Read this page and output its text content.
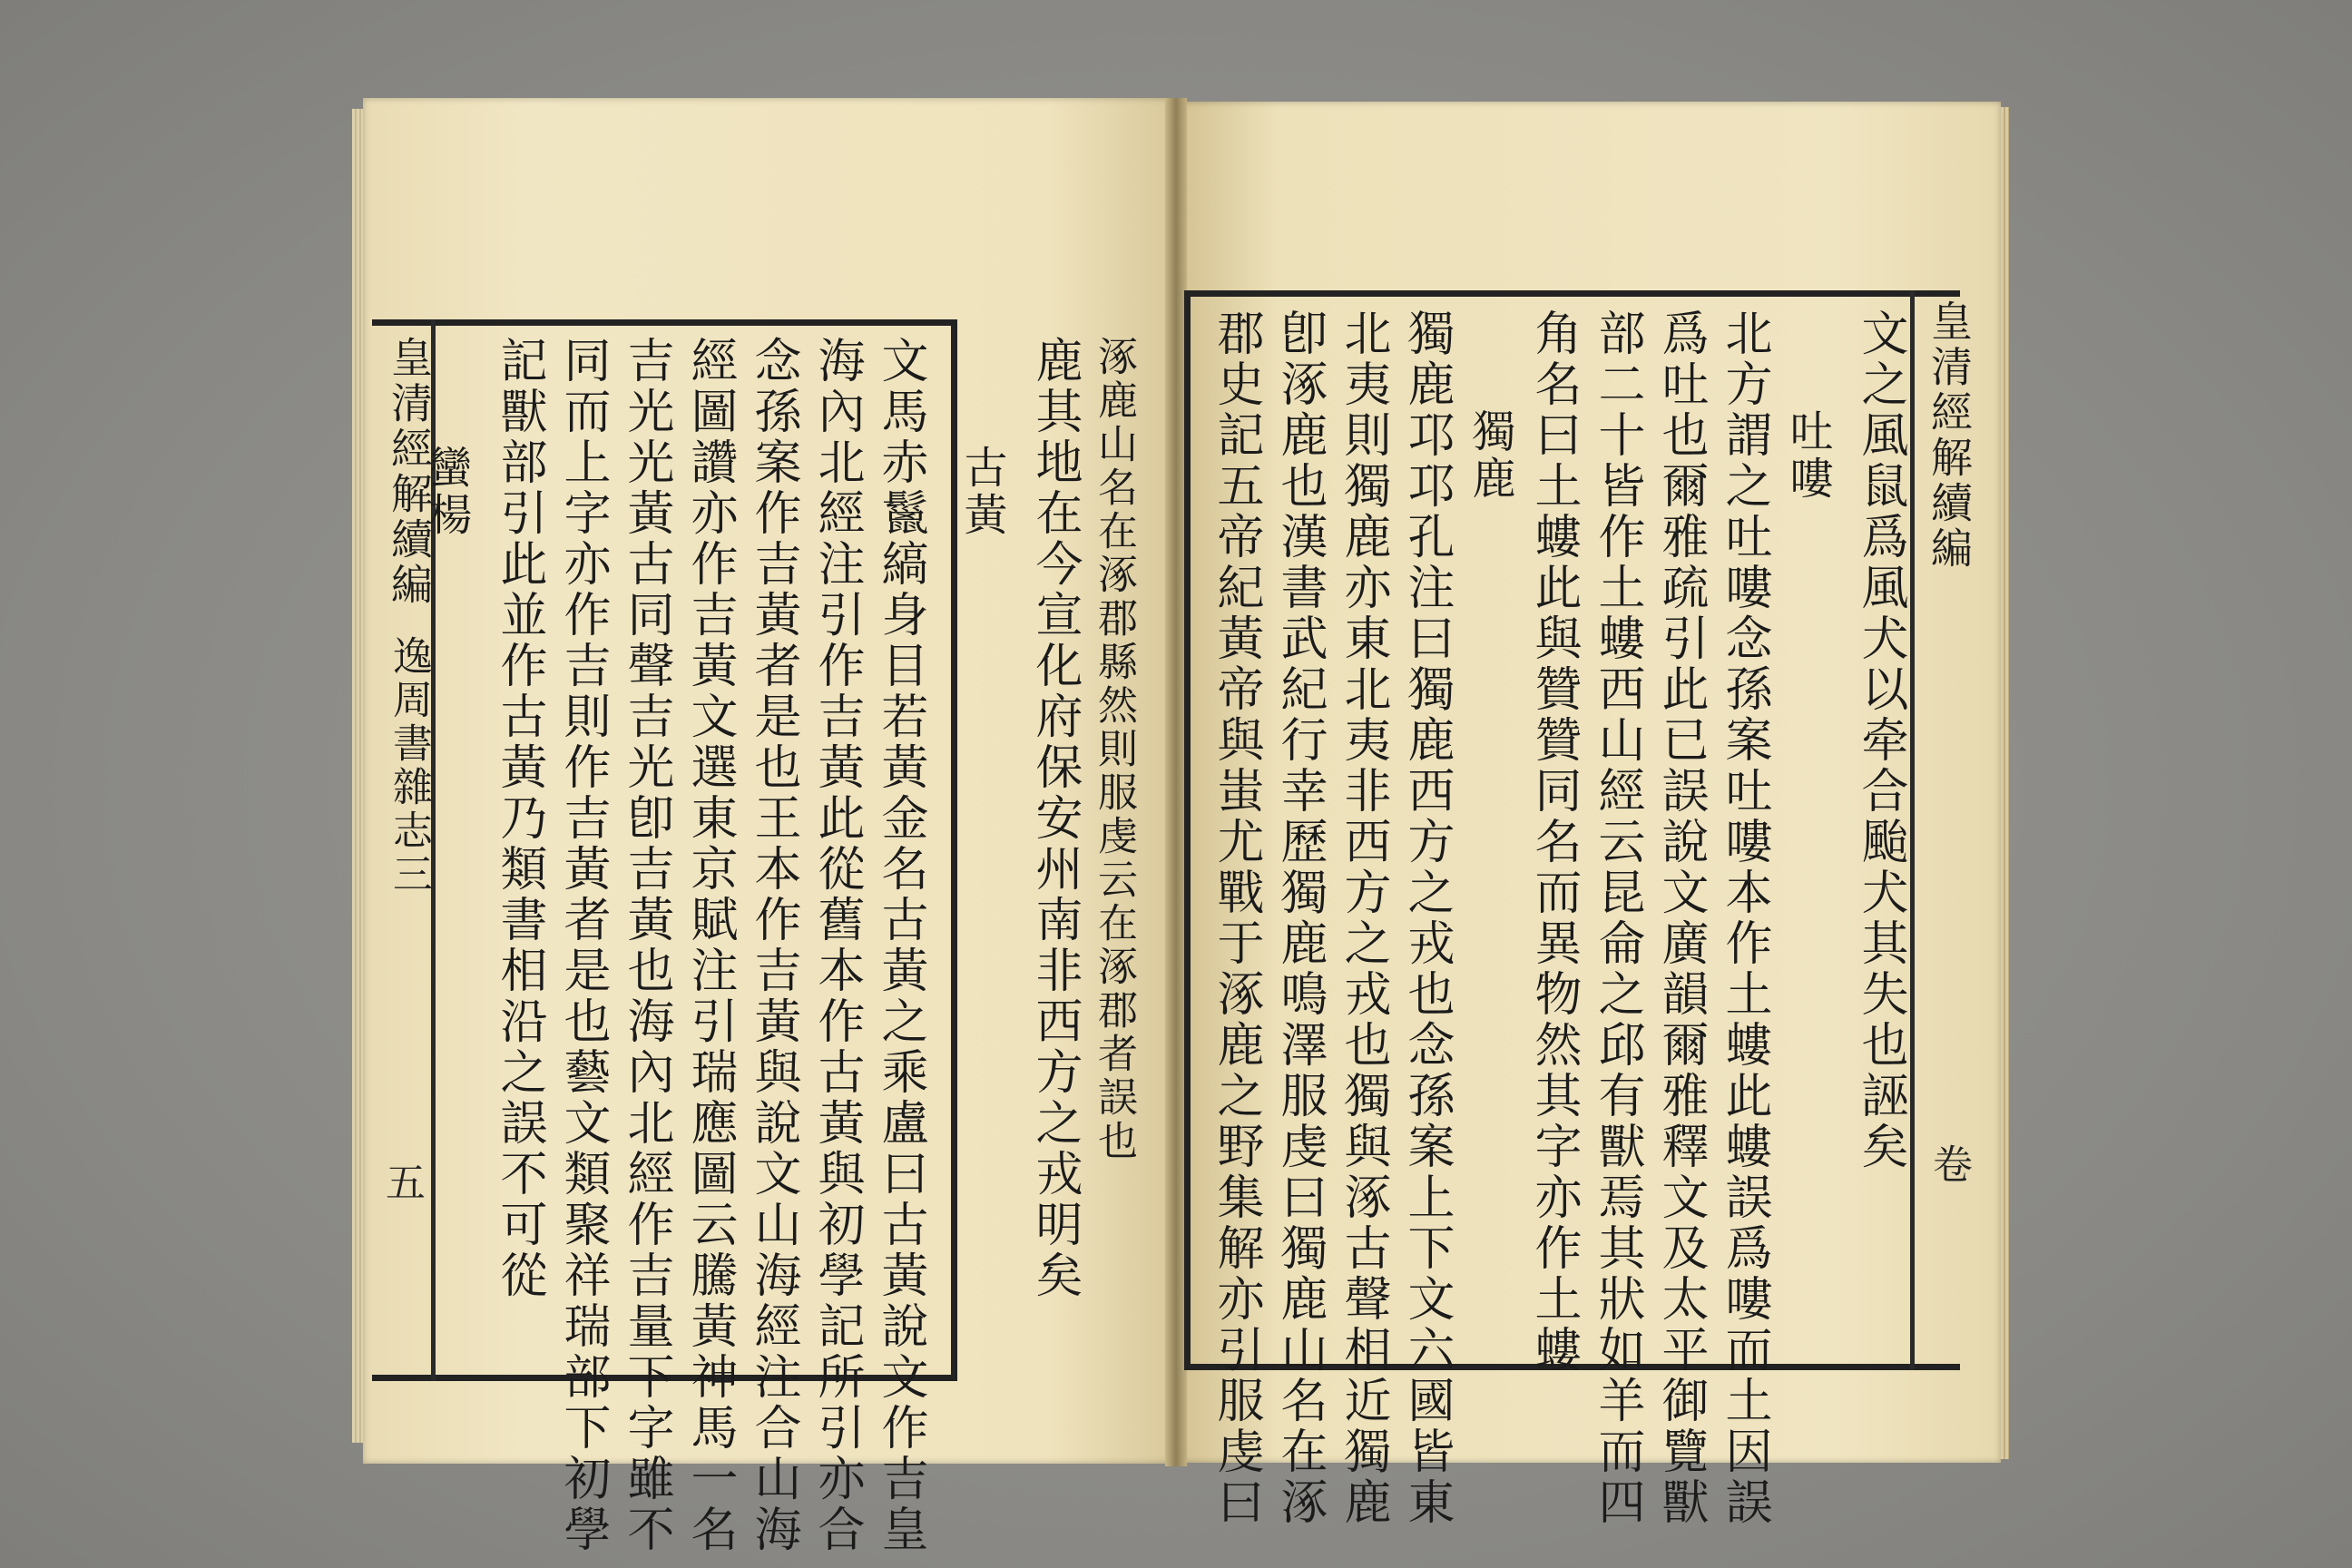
皇清經解續編
逸周書雜志三
五 記獸部引此並作古黃乃類書相沿之誤不可從
蠻楊 同而上字亦作吉則作吉黃者是也藝文類聚祥瑞部下初學 吉光光黃古同聲吉光卽吉黃也海內北經作吉量下字雖不 經圖讚亦作吉黃文選東京賦注引瑞應圖云騰黃神馬一名 念孫案作吉黃者是也王本作吉黃與說文山海經注合山海 海內北經注引作吉黃此從舊本作古黃與初學記所引亦合 文馬赤鬣縞身目若黃金名古黃之乘盧曰古黃說文作吉皇 古黃 鹿其地在今宣化府保安州南非西方之戎明矣 涿鹿山名在涿郡縣然則服虔云在涿郡者誤也	皇清經解續編
卷
文之風鼠爲風犬以牵合颱犬其失也誣矣
吐嘍
北方謂之吐嘍念孫案吐嘍本作土螻此螻誤爲嘍而土因誤
爲吐也爾雅疏引此已誤說文廣韻爾雅釋文及太平御覽獸
部二十皆作土螻西山經云昆侖之邱有獸焉其狀如羊而四
角名曰土螻此與贊贊同名而異物然其字亦作土螻
獨鹿
獨鹿邛邛孔注曰獨鹿西方之戎也念孫案上下文六國皆東
北夷則獨鹿亦東北夷非西方之戎也獨與涿古聲相近獨鹿
卽涿鹿也漢書武紀行幸歷獨鹿鳴澤服虔曰獨鹿山名在涿
郡史記五帝紀黃帝與蚩尤戰于涿鹿之野集解亦引服虔曰
